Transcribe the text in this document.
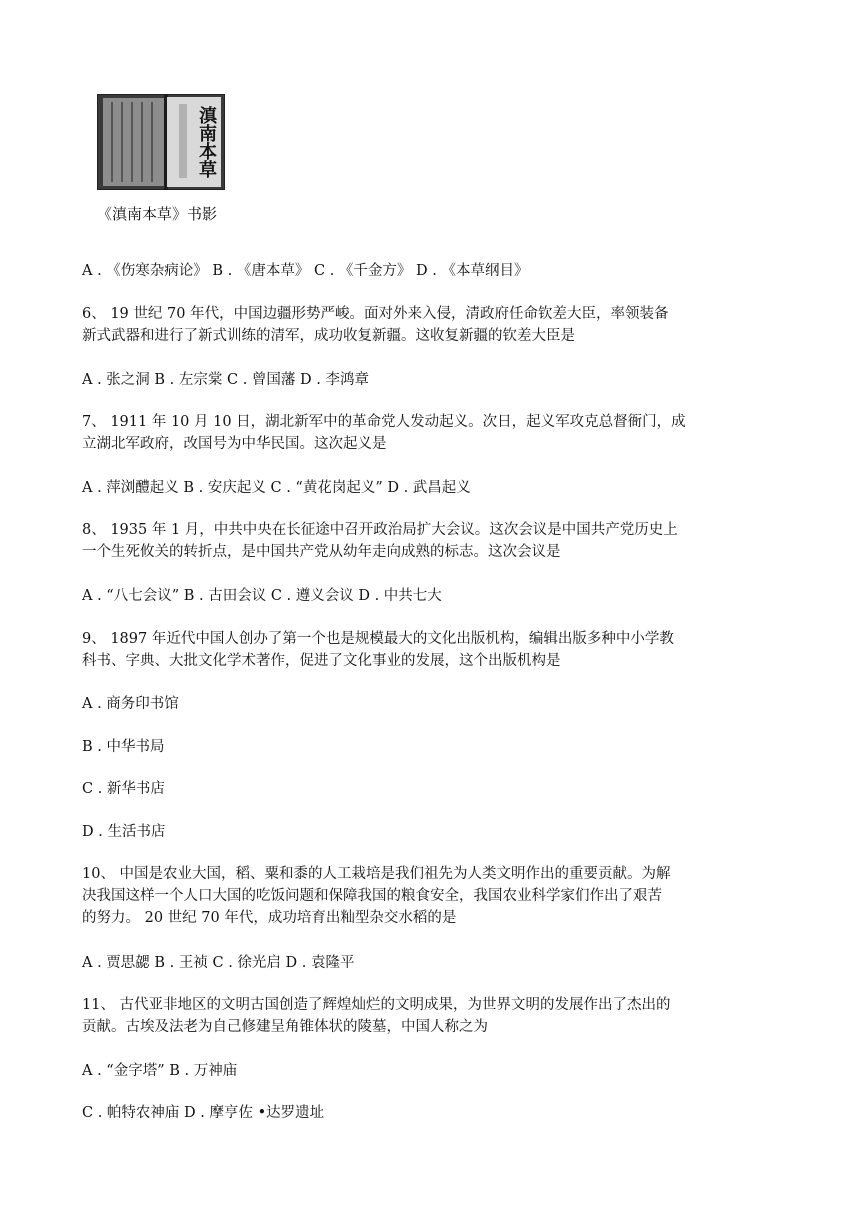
滇南本草
《滇南本草》书影
A . 《伤寒杂病论》 B . 《唐本草》 C . 《千金方》 D . 《本草纲目》
6、 19 世纪 70 年代，中国边疆形势严峻。面对外来入侵，清政府任命钦差大臣，率领装备
新式武器和进行了新式训练的清军，成功收复新疆。这收复新疆的钦差大臣是
A . 张之洞 B . 左宗棠 C . 曾国藩 D . 李鸿章
7、 1911 年 10 月 10 日，湖北新军中的革命党人发动起义。次日，起义军攻克总督衙门，成
立湖北军政府，改国号为中华民国。这次起义是
A . 萍浏醴起义 B . 安庆起义 C . “黄花岗起义” D . 武昌起义
8、 1935 年 1 月，中共中央在长征途中召开政治局扩大会议。这次会议是中国共产党历史上
一个生死攸关的转折点，是中国共产党从幼年走向成熟的标志。这次会议是
A . “八七会议” B . 古田会议 C . 遵义会议 D . 中共七大
9、 1897 年近代中国人创办了第一个也是规模最大的文化出版机构，编辑出版多种中小学教
科书、字典、大批文化学术著作，促进了文化事业的发展，这个出版机构是
A . 商务印书馆
B . 中华书局
C . 新华书店
D . 生活书店
10、 中国是农业大国，稻、粟和黍的人工栽培是我们祖先为人类文明作出的重要贡献。为解
决我国这样一个人口大国的吃饭问题和保障我国的粮食安全，我国农业科学家们作出了艰苦
的努力。 20 世纪 70 年代，成功培育出籼型杂交水稻的是
A . 贾思勰 B . 王祯 C . 徐光启 D . 袁隆平
11、 古代亚非地区的文明古国创造了辉煌灿烂的文明成果，为世界文明的发展作出了杰出的
贡献。古埃及法老为自己修建呈角锥体状的陵墓，中国人称之为
A . “金字塔” B . 万神庙
C . 帕特农神庙 D . 摩亨佐 •达罗遗址
